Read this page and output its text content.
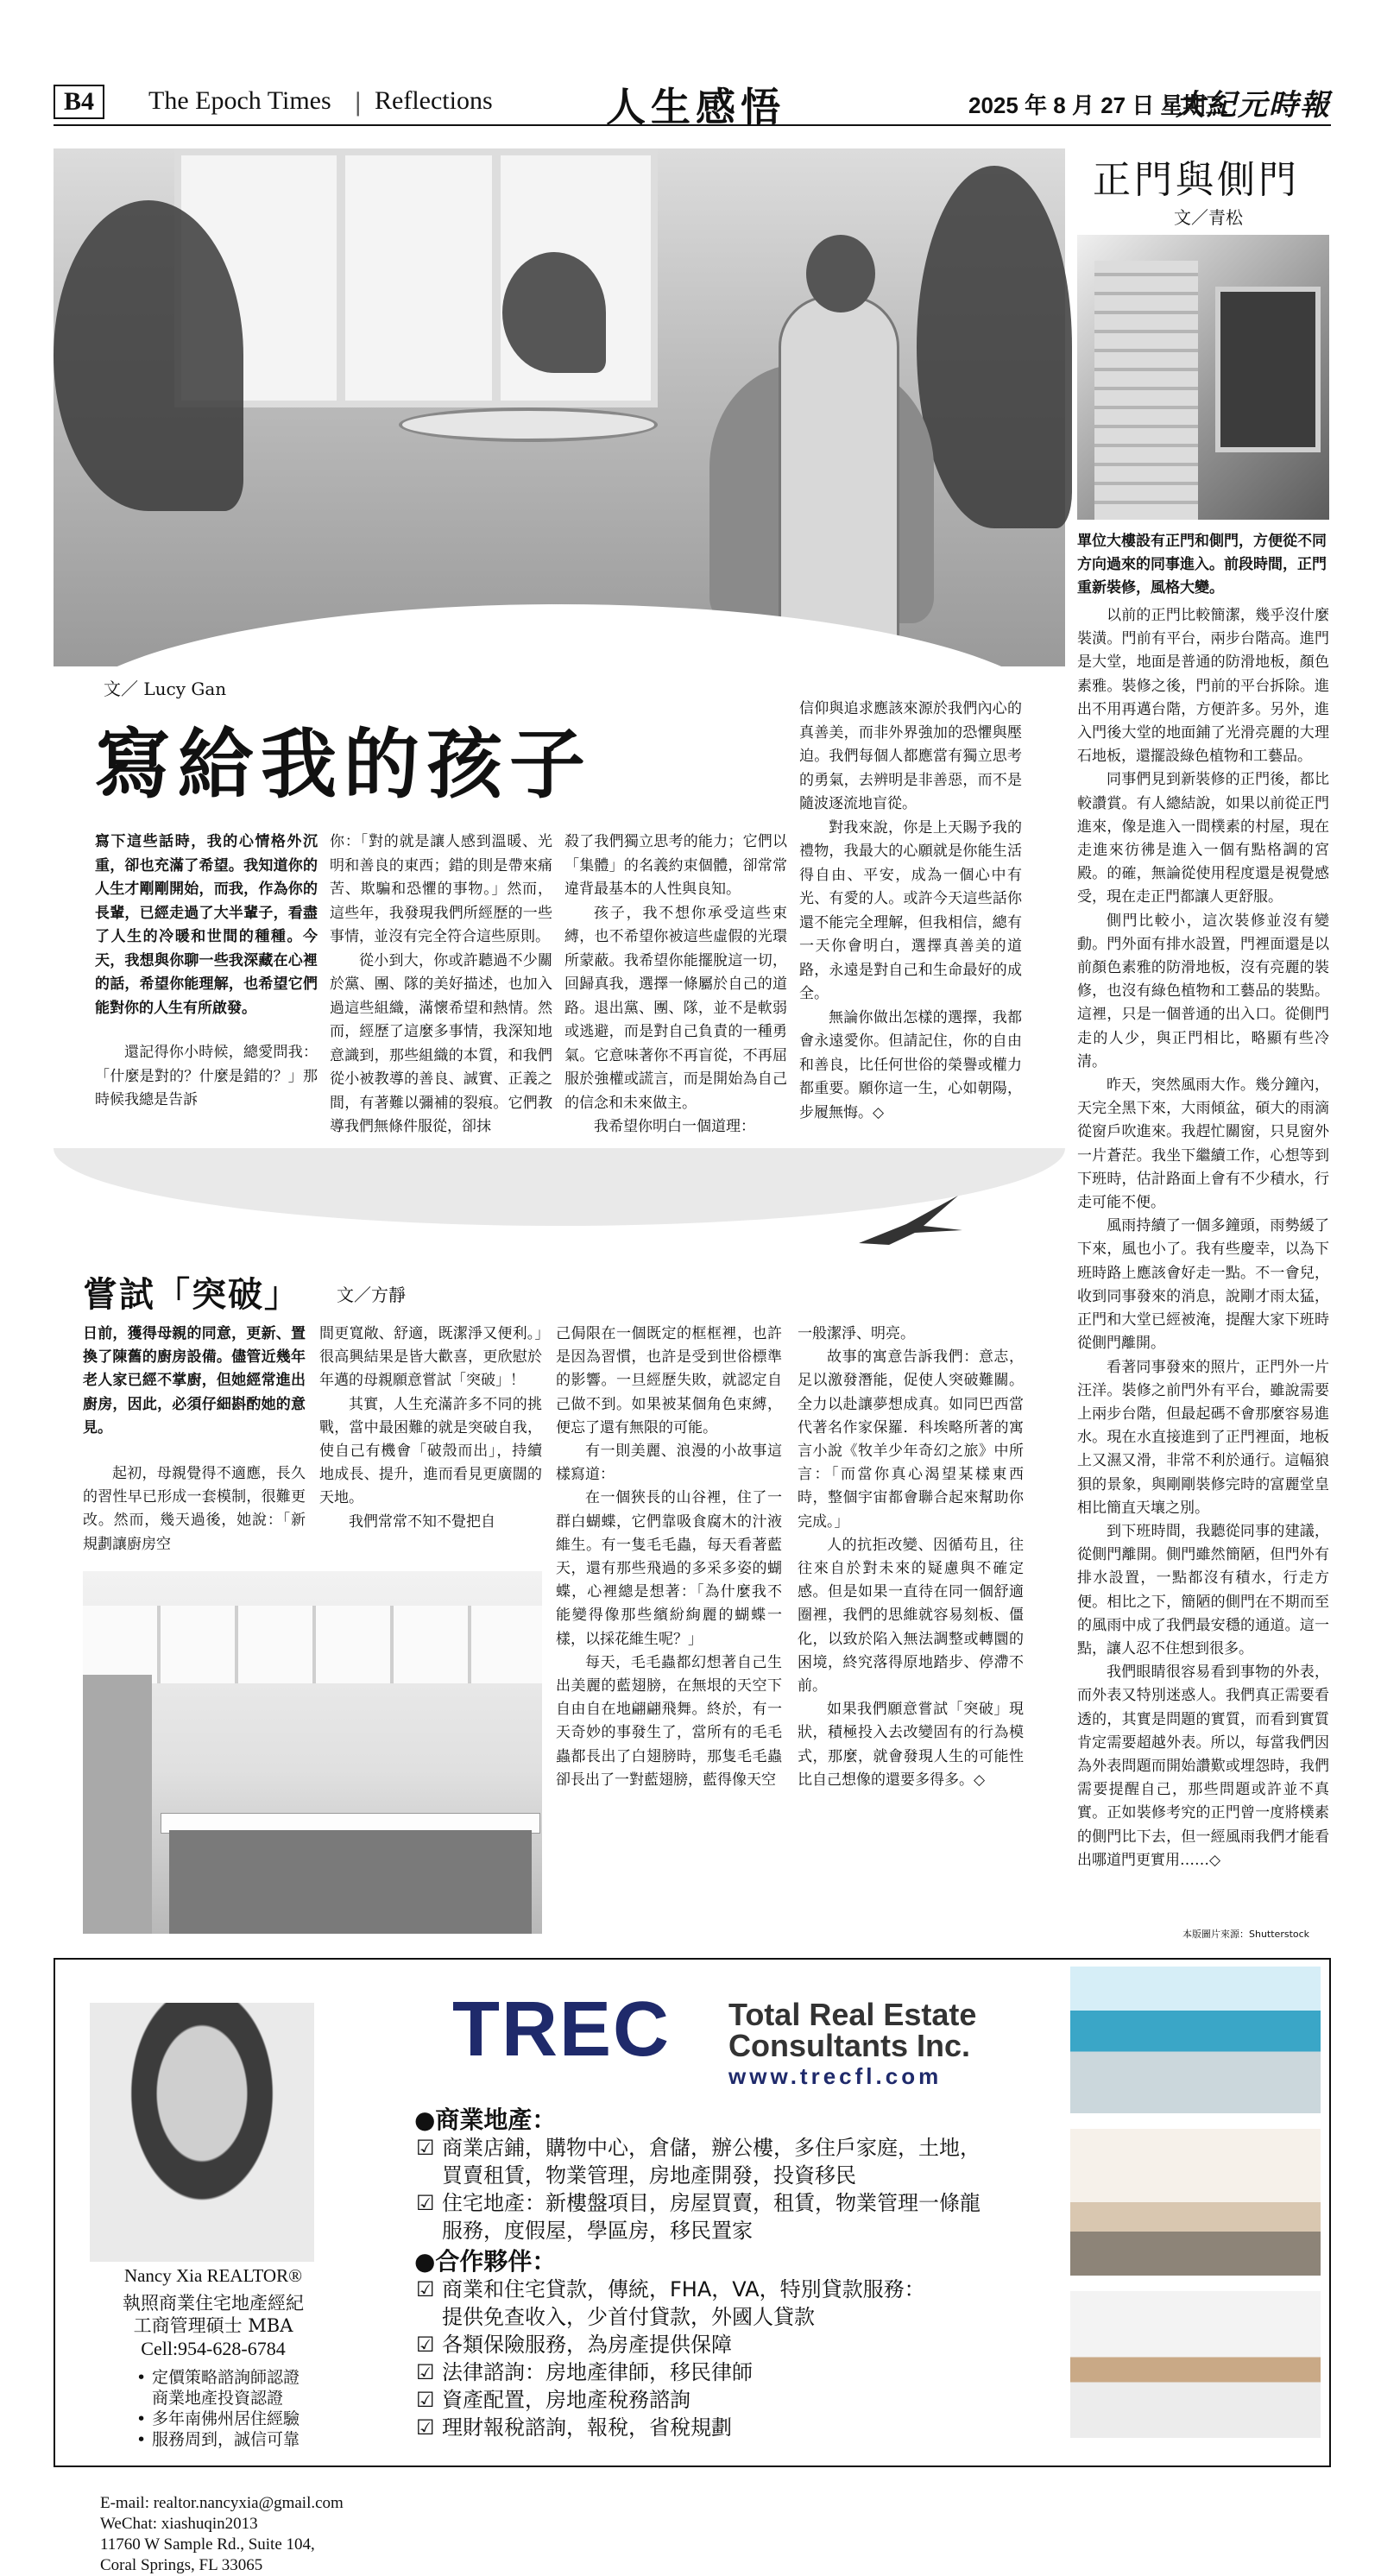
B4	The Epoch Times | Reflections	人生感悟	2025 年 8 月 27 日 星期三
大紀元時報
正門與側門
文／青松
單位大樓設有正門和側門，方便從不同方向過來的同事進入。前段時間，正門重新裝修，風格大變。

以前的正門比較簡潔，幾乎沒什麼裝潢。門前有平台，兩步台階高。進門是大堂，地面是普通的防滑地板，顏色素雅。裝修之後，門前的平台拆除。進出不用再邁台階，方便許多。另外，進入門後大堂的地面鋪了光滑亮麗的大理石地板，還擺設綠色植物和工藝品。

同事們見到新裝修的正門後，都比較讚賞。有人總結說，如果以前從正門進來，像是進入一間樸素的村屋，現在走進來彷彿是進入一個有點格調的宮殿。的確，無論從使用程度還是視覺感受，現在走正門都讓人更舒服。

側門比較小，這次裝修並沒有變動。門外面有排水設置，門裡面還是以前顏色素雅的防滑地板，沒有亮麗的裝修，也沒有綠色植物和工藝品的裝點。這裡，只是一個普通的出入口。從側門走的人少，與正門相比，略顯有些冷清。

昨天，突然風雨大作。幾分鐘內，天完全黑下來，大雨傾盆，碩大的雨滴從窗戶吹進來。我趕忙關窗，只見窗外一片蒼茫。我坐下繼續工作，心想等到下班時，估計路面上會有不少積水，行走可能不便。

風雨持續了一個多鐘頭，雨勢緩了下來，風也小了。我有些慶幸，以為下班時路上應該會好走一點。不一會兒，收到同事發來的消息，說剛才雨太猛，正門和大堂已經被淹，提醒大家下班時從側門離開。

看著同事發來的照片，正門外一片汪洋。裝修之前門外有平台，雖說需要上兩步台階，但最起碼不會那麼容易進水。現在水直接進到了正門裡面，地板上又濕又滑，非常不利於通行。這幅狼狽的景象，與剛剛裝修完時的富麗堂皇相比簡直天壤之別。

到下班時間，我聽從同事的建議，從側門離開。側門雖然簡陋，但門外有排水設置，一點都沒有積水，行走方便。相比之下，簡陋的側門在不期而至的風雨中成了我們最安穩的通道。這一點，讓人忍不住想到很多。

我們眼睛很容易看到事物的外表，而外表又特別迷惑人。我們真正需要看透的，其實是問題的實質，而看到實質肯定需要超越外表。所以，每當我們因為外表問題而開始讚歎或埋怨時，我們需要提醒自己，那些問題或許並不真實。正如裝修考究的正門曾一度將樸素的側門比下去，但一經風雨我們才能看出哪道門更實用……◇

本版圖片來源：Shutterstock
文／ Lucy Gan
寫給我的孩子
寫下這些話時，我的心情格外沉重，卻也充滿了希望。我知道你的人生才剛剛開始，而我，作為你的長輩，已經走過了大半輩子，看盡了人生的冷暖和世間的種種。今天，我想與你聊一些我深藏在心裡的話，希望你能理解，也希望它們能對你的人生有所啟發。

還記得你小時候，總愛問我：「什麼是對的？什麼是錯的？」那時候我總是告訴

你：「對的就是讓人感到溫暖、光明和善良的東西；錯的則是帶來痛苦、欺騙和恐懼的事物。」然而，這些年，我發現我們所經歷的一些事情，並沒有完全符合這些原則。

從小到大，你或許聽過不少關於黨、團、隊的美好描述，也加入過這些組織，滿懷希望和熱情。然而，經歷了這麼多事情，我深知地意識到，那些組織的本質，和我們從小被教導的善良、誠實、正義之間，有著難以彌補的裂痕。它們教導我們無條件服從，卻抹

殺了我們獨立思考的能力；它們以「集體」的名義約束個體，卻常常違背最基本的人性與良知。

孩子，我不想你承受這些束縛，也不希望你被這些虛假的光環所蒙蔽。我希望你能擺脫這一切，回歸真我，選擇一條屬於自己的道路。退出黨、團、隊，並不是軟弱或逃避，而是對自己負責的一種勇氣。它意味著你不再盲從，不再屈服於強權或謊言，而是開始為自己的信念和未來做主。

我希望你明白一個道理：

信仰與追求應該來源於我們內心的真善美，而非外界強加的恐懼與壓迫。我們每個人都應當有獨立思考的勇氣，去辨明是非善惡，而不是隨波逐流地盲從。

對我來說，你是上天賜予我的禮物，我最大的心願就是你能生活得自由、平安，成為一個心中有光、有愛的人。或許今天這些話你還不能完全理解，但我相信，總有一天你會明白，選擇真善美的道路，永遠是對自己和生命最好的成全。

無論你做出怎樣的選擇，我都會永遠愛你。但請記住，你的自由和善良，比任何世俗的榮譽或權力都重要。願你這一生，心如朝陽，步履無悔。◇

嘗試「突破」 文／方靜
日前，獲得母親的同意，更新、置換了陳舊的廚房設備。儘管近幾年老人家已經不掌廚，但她經常進出廚房，因此，必須仔細斟酌她的意見。

起初，母親覺得不適應，長久的習性早已形成一套模制，很難更改。然而，幾天過後，她說：「新規劃讓廚房空

間更寬敞、舒適，既潔淨又便利。」很高興結果是皆大歡喜，更欣慰於年邁的母親願意嘗試「突破」！

其實，人生充滿許多不同的挑戰，當中最困難的就是突破自我，使自己有機會「破殼而出」，持續地成長、提升，進而看見更廣闊的天地。

我們常常不知不覺把自

己侷限在一個既定的框框裡，也許是因為習慣，也許是受到世俗標準的影響。一旦經歷失敗，就認定自己做不到。如果被某個角色束縛，便忘了還有無限的可能。

有一則美麗、浪漫的小故事這樣寫道：

在一個狹長的山谷裡，住了一群白蝴蝶，它們靠吸食腐木的汁液維生。有一隻毛毛蟲，每天看著藍天，還有那些飛過的多采多姿的蝴蝶，心裡總是想著：「為什麼我不能變得像那些繽紛絢麗的蝴蝶一樣，以採花維生呢？」

每天，毛毛蟲都幻想著自己生出美麗的藍翅膀，在無垠的天空下自由自在地翩翩飛舞。終於，有一天奇妙的事發生了，當所有的毛毛蟲都長出了白翅膀時，那隻毛毛蟲卻長出了一對藍翅膀，藍得像天空

一般潔淨、明亮。

故事的寓意告訴我們：意志，足以激發潛能，促使人突破難關。全力以赴讓夢想成真。如同巴西當代著名作家保羅．科埃略所著的寓言小說《牧羊少年奇幻之旅》中所言：「而當你真心渴望某樣東西時，整個宇宙都會聯合起來幫助你完成。」

人的抗拒改變、因循苟且，往往來自於對未來的疑慮與不確定感。但是如果一直待在同一個舒適圈裡，我們的思維就容易刻板、僵化，以致於陷入無法調整或轉圜的困境，終究落得原地踏步、停滯不前。

如果我們願意嘗試「突破」現狀，積極投入去改變固有的行為模式，那麼，就會發現人生的可能性比自己想像的還要多得多。◇

Nancy Xia REALTOR®
執照商業住宅地產經紀
工商管理碩士 MBA
Cell:954-628-6784
• 定價策略諮詢師認證
商業地產投資認證
• 多年南佛州居住經驗
• 服務周到，誠信可靠
E-mail: realtor.nancyxia@gmail.com
WeChat: xiashuqin2013
11760 W Sample Rd., Suite 104,
Coral Springs, FL 33065
TREC Total Real Estate
Consultants Inc.
www.trecfl.com
●商業地產：
☑ 商業店鋪，購物中心，倉儲，辦公樓，多住戶家庭，土地，
買賣租賃，物業管理，房地產開發，投資移民
☑ 住宅地產：新樓盤項目，房屋買賣，租賃，物業管理一條龍
服務，度假屋，學區房，移民置家
●合作夥伴：
☑ 商業和住宅貸款，傳統，FHA，VA，特別貸款服務：
提供免查收入，少首付貸款，外國人貸款
☑ 各類保險服務，為房產提供保障
☑ 法律諮詢：房地產律師，移民律師
☑ 資產配置，房地產稅務諮詢
☑ 理財報稅諮詢，報稅，省稅規劃
